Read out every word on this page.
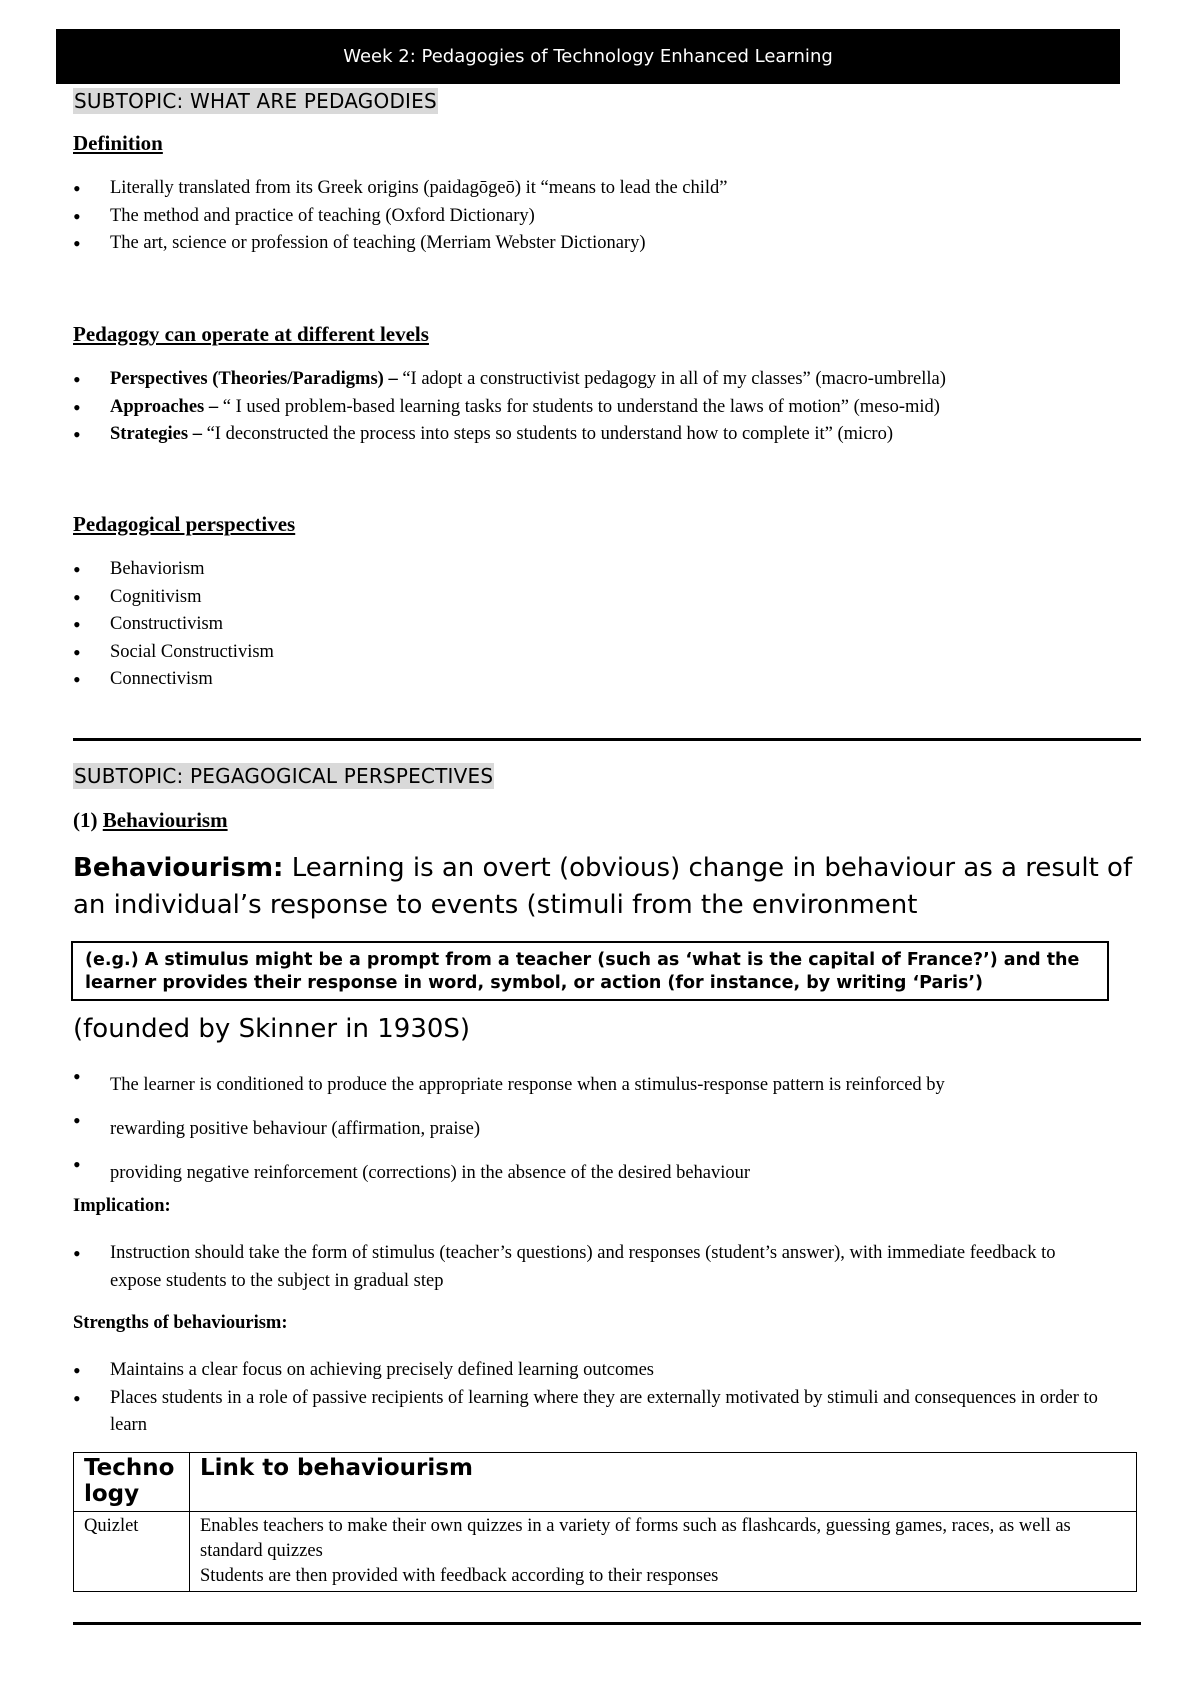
Week 2: Pedagogies of Technology Enhanced Learning
SUBTOPIC: WHAT ARE PEDAGODIES
Definition
• Literally translated from its Greek origins (paidagōgeō) it “means to lead the child”
• The method and practice of teaching (Oxford Dictionary)
• The art, science or profession of teaching (Merriam Webster Dictionary)
Pedagogy can operate at different levels
• Perspectives (Theories/Paradigms) – “I adopt a constructivist pedagogy in all of my classes” (macro-umbrella)
• Approaches – “ I used problem-based learning tasks for students to understand the laws of motion” (meso-mid)
• Strategies – “I deconstructed the process into steps so students to understand how to complete it” (micro)
Pedagogical perspectives
• Behaviorism
• Cognitivism
• Constructivism
• Social Constructivism
• Connectivism
SUBTOPIC: PEGAGOGICAL PERSPECTIVES
(1) Behaviourism
Behaviourism: Learning is an overt (obvious) change in behaviour as a result of an individual’s response to events (stimuli from the environment
(e.g.) A stimulus might be a prompt from a teacher (such as ‘what is the capital of France?’) and the learner provides their response in word, symbol, or action (for instance, by writing ‘Paris’)
(founded by Skinner in 1930S)
• The learner is conditioned to produce the appropriate response when a stimulus-response pattern is reinforced by
• rewarding positive behaviour (affirmation, praise)
• providing negative reinforcement (corrections) in the absence of the desired behaviour
Implication:
• Instruction should take the form of stimulus (teacher’s questions) and responses (student’s answer), with immediate feedback to expose students to the subject in gradual step
Strengths of behaviourism:
• Maintains a clear focus on achieving precisely defined learning outcomes
• Places students in a role of passive recipients of learning where they are externally motivated by stimuli and consequences in order to learn
Technology	Link to behaviourism
Quizlet	Enables teachers to make their own quizzes in a variety of forms such as flashcards, guessing games, races, as well as standard quizzes
Students are then provided with feedback according to their responses
